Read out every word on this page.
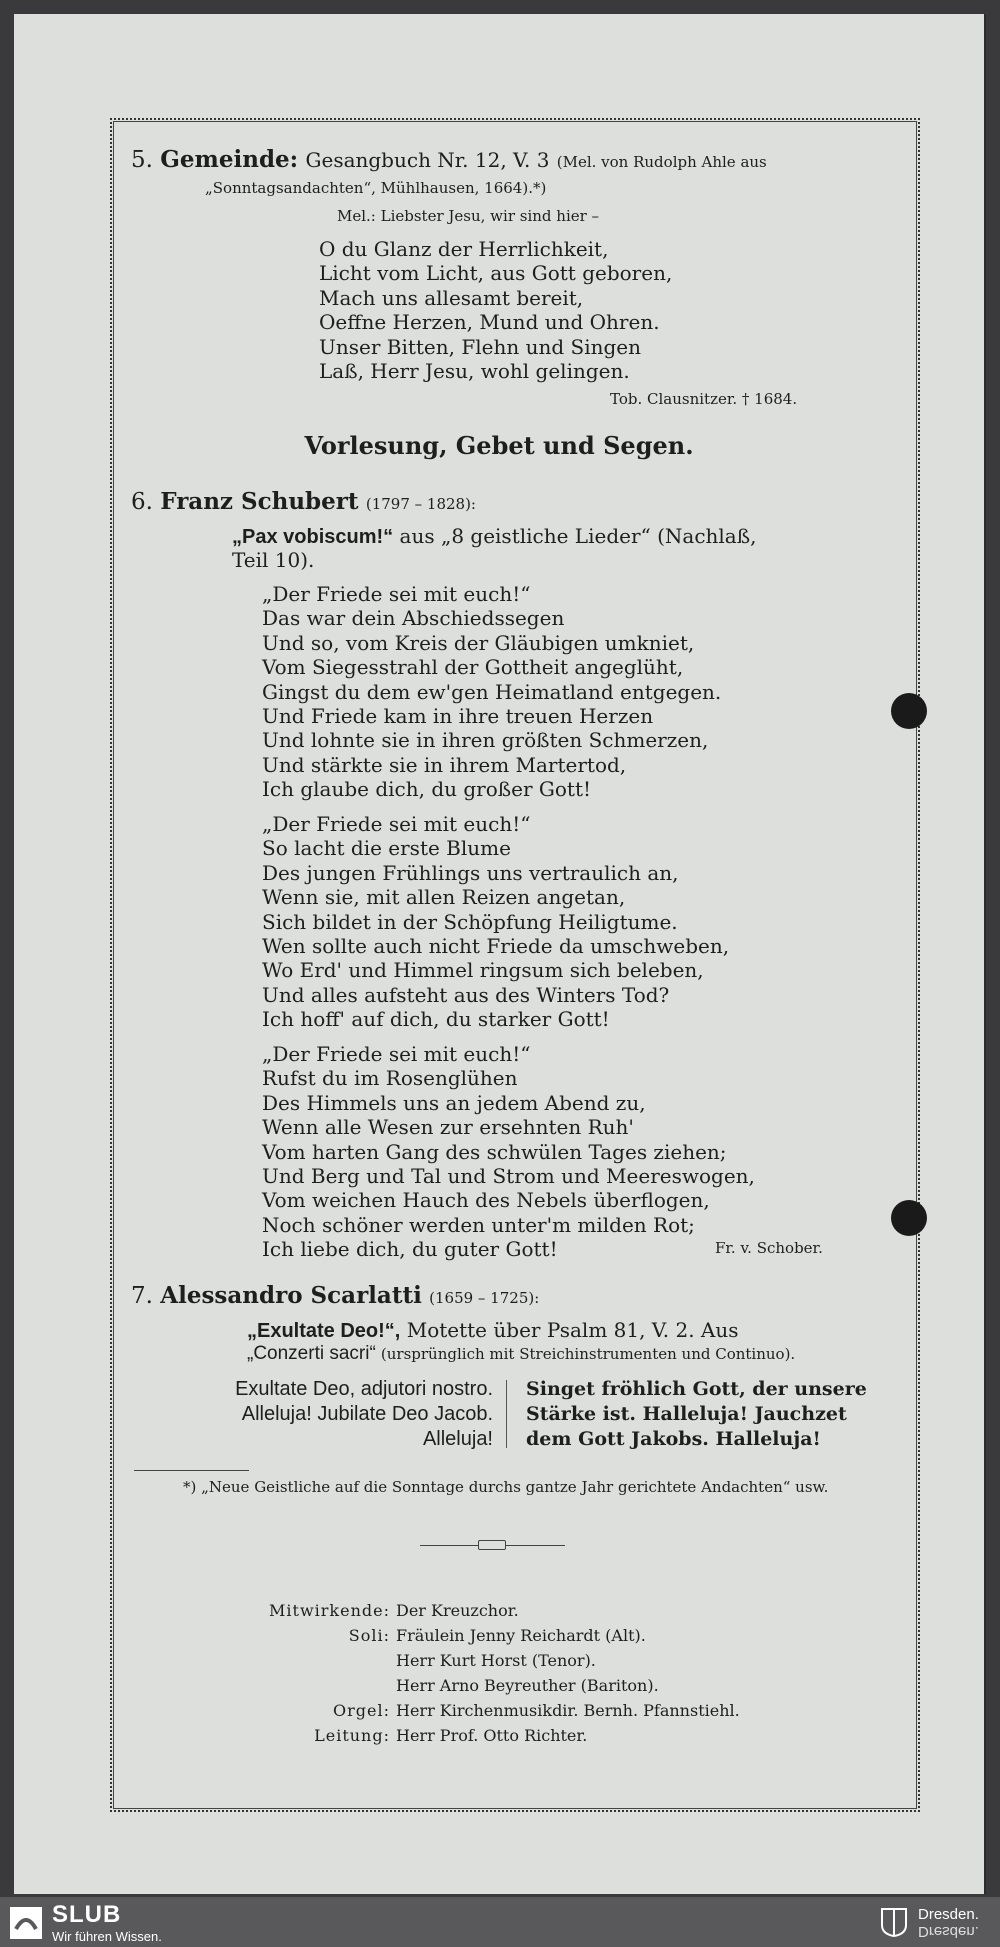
5. Gemeinde: Gesangbuch Nr. 12, V. 3 (Mel. von Rudolph Ahle aus
„Sonntagsandachten“, Mühlhausen, 1664).*)
Mel.: Liebster Jesu, wir sind hier –
O du Glanz der Herrlichkeit,
Licht vom Licht, aus Gott geboren,
Mach uns allesamt bereit,
Oeffne Herzen, Mund und Ohren.
Unser Bitten, Flehn und Singen
Laß, Herr Jesu, wohl gelingen.
Tob. Clausnitzer. † 1684.
Vorlesung, Gebet und Segen.
6. Franz Schubert (1797 – 1828):
„Pax vobiscum!“ aus „8 geistliche Lieder“ (Nachlaß,
Teil 10).
„Der Friede sei mit euch!“
Das war dein Abschiedssegen
Und so, vom Kreis der Gläubigen umkniet,
Vom Siegesstrahl der Gottheit angeglüht,
Gingst du dem ew'gen Heimatland entgegen.
Und Friede kam in ihre treuen Herzen
Und lohnte sie in ihren größten Schmerzen,
Und stärkte sie in ihrem Martertod,
Ich glaube dich, du großer Gott!
„Der Friede sei mit euch!“
So lacht die erste Blume
Des jungen Frühlings uns vertraulich an,
Wenn sie, mit allen Reizen angetan,
Sich bildet in der Schöpfung Heiligtume.
Wen sollte auch nicht Friede da umschweben,
Wo Erd' und Himmel ringsum sich beleben,
Und alles aufsteht aus des Winters Tod?
Ich hoff' auf dich, du starker Gott!
„Der Friede sei mit euch!“
Rufst du im Rosenglühen
Des Himmels uns an jedem Abend zu,
Wenn alle Wesen zur ersehnten Ruh'
Vom harten Gang des schwülen Tages ziehen;
Und Berg und Tal und Strom und Meereswogen,
Vom weichen Hauch des Nebels überflogen,
Noch schöner werden unter'm milden Rot;
Ich liebe dich, du guter Gott!	Fr. v. Schober.
7. Alessandro Scarlatti (1659 – 1725):
„Exultate Deo!“, Motette über Psalm 81, V. 2. Aus
„Conzerti sacri“ (ursprünglich mit Streichinstrumenten und Continuo).
Exultate Deo, adjutori nostro.
Alleluja! Jubilate Deo Jacob.
Alleluja!
Singet fröhlich Gott, der unsere
Stärke ist. Halleluja! Jauchzet
dem Gott Jakobs. Halleluja!
*) „Neue Geistliche auf die Sonntage durchs gantze Jahr gerichtete Andachten“ usw.
Mitwirkende: Der Kreuzchor.
Soli: Fräulein Jenny Reichardt (Alt).
Herr Kurt Horst (Tenor).
Herr Arno Beyreuther (Bariton).
Orgel: Herr Kirchenmusikdir. Bernh. Pfannstiehl.
Leitung: Herr Prof. Otto Richter.
SLUB
Wir führen Wissen.
Dresden.
Dresden.
